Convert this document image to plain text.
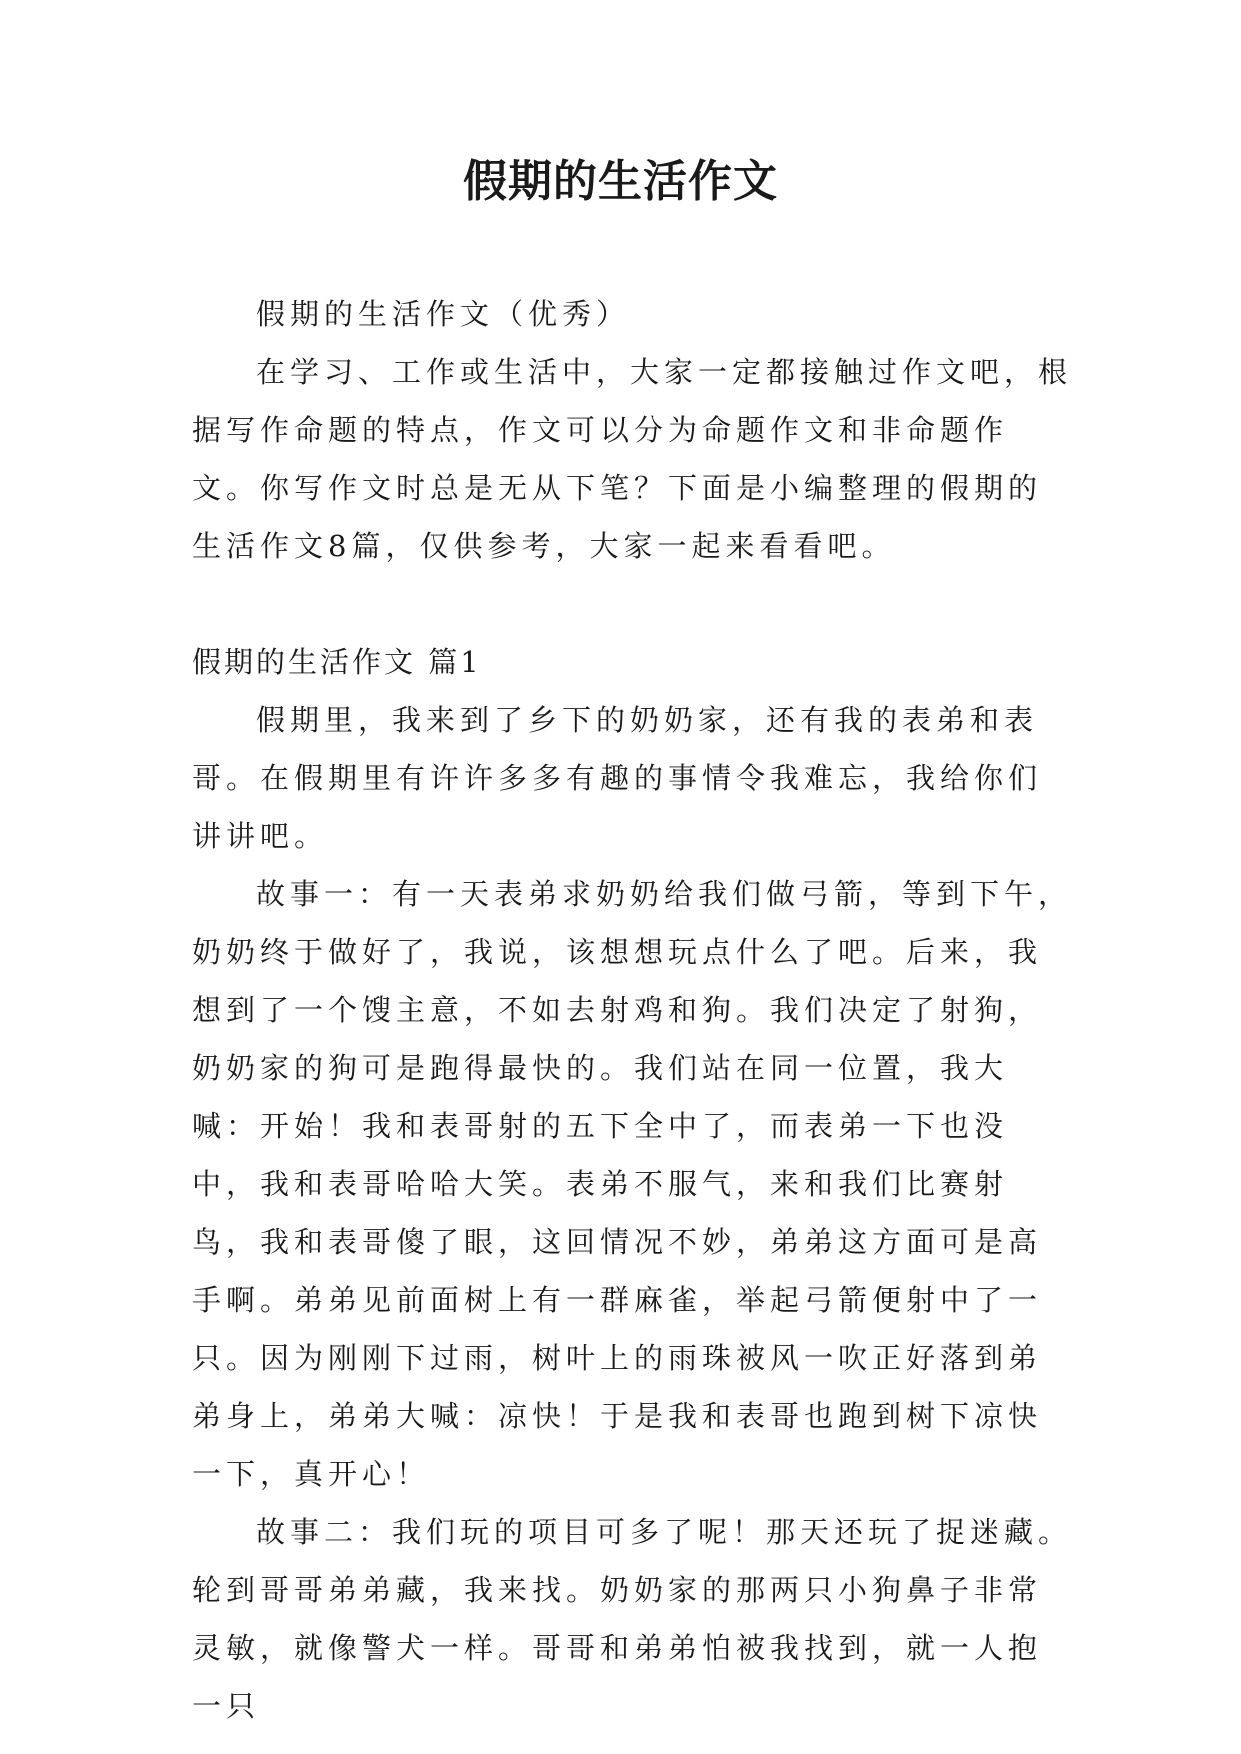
假期的生活作文

假期的生活作文（优秀）

在学习、工作或生活中，大家一定都接触过作文吧，根据写作命题的特点，作文可以分为命题作文和非命题作文。你写作文时总是无从下笔？下面是小编整理的假期的生活作文8篇，仅供参考，大家一起来看看吧。

假期的生活作文 篇1

假期里，我来到了乡下的奶奶家，还有我的表弟和表哥。在假期里有许许多多有趣的事情令我难忘，我给你们讲讲吧。

故事一：有一天表弟求奶奶给我们做弓箭，等到下午，奶奶终于做好了，我说，该想想玩点什么了吧。后来，我想到了一个馊主意，不如去射鸡和狗。我们决定了射狗，奶奶家的狗可是跑得最快的。我们站在同一位置，我大喊：开始！我和表哥射的五下全中了，而表弟一下也没中，我和表哥哈哈大笑。表弟不服气，来和我们比赛射鸟，我和表哥傻了眼，这回情况不妙，弟弟这方面可是高手啊。弟弟见前面树上有一群麻雀，举起弓箭便射中了一只。因为刚刚下过雨，树叶上的雨珠被风一吹正好落到弟弟身上，弟弟大喊：凉快！于是我和表哥也跑到树下凉快一下，真开心！

故事二：我们玩的项目可多了呢！那天还玩了捉迷藏。轮到哥哥弟弟藏，我来找。奶奶家的那两只小狗鼻子非常灵敏，就像警犬一样。哥哥和弟弟怕被我找到，就一人抱一只
